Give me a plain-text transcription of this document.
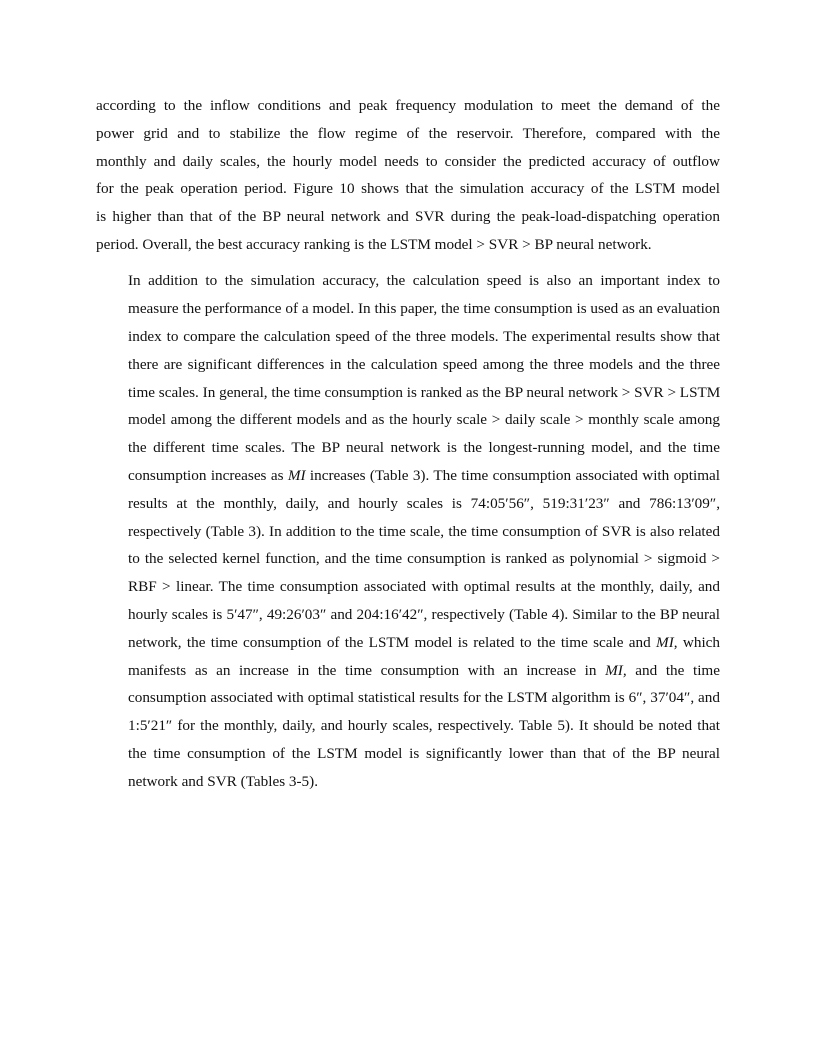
according to the inflow conditions and peak frequency modulation to meet the demand of the
power grid and to stabilize the flow regime of the reservoir. Therefore, compared with the
monthly and daily scales, the hourly model needs to consider the predicted accuracy of outflow
for the peak operation period. Figure 10 shows that the simulation accuracy of the LSTM model
is higher than that of the BP neural network and SVR during the peak-load-dispatching operation
period. Overall, the best accuracy ranking is the LSTM model > SVR > BP neural network.
In addition to the simulation accuracy, the calculation speed is also an important index to
measure the performance of a model. In this paper, the time consumption is used as an evaluation
index to compare the calculation speed of the three models. The experimental results show that
there are significant differences in the calculation speed among the three models and the three
time scales. In general, the time consumption is ranked as the BP neural network > SVR > LSTM
model among the different models and as the hourly scale > daily scale > monthly scale among
the different time scales. The BP neural network is the longest-running model, and the time
consumption increases as MI increases (Table 3). The time consumption associated with optimal
results at the monthly, daily, and hourly scales is 74:05′56″, 519:31′23″ and 786:13′09″,
respectively (Table 3). In addition to the time scale, the time consumption of SVR is also related
to the selected kernel function, and the time consumption is ranked as polynomial > sigmoid >
RBF > linear. The time consumption associated with optimal results at the monthly, daily, and
hourly scales is 5′47″, 49:26′03″ and 204:16′42″, respectively (Table 4). Similar to the BP neural
network, the time consumption of the LSTM model is related to the time scale and MI, which
manifests as an increase in the time consumption with an increase in MI, and the time
consumption associated with optimal statistical results for the LSTM algorithm is 6″, 37′04″, and
1:5′21″ for the monthly, daily, and hourly scales, respectively. Table 5). It should be noted that
the time consumption of the LSTM model is significantly lower than that of the BP neural
network and SVR (Tables 3-5).
